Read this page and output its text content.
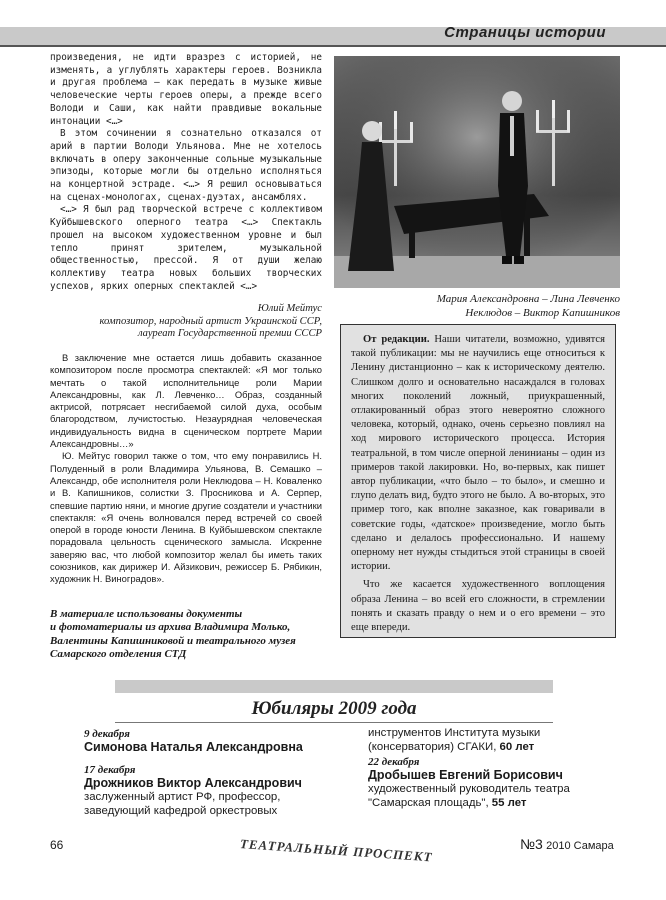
Страницы истории

произведения, не идти вразрез с историей, не изменять, а углублять характеры героев. Возникла и другая проблема – как передать в музыке живые человеческие черты героев оперы, а прежде всего Володи и Саши, как найти правдивые вокальные интонации <…>

В этом сочинении я сознательно отказался от арий в партии Володи Ульянова. Мне не хотелось включать в оперу законченные сольные музыкальные эпизоды, которые могли бы отдельно исполняться на концертной эстраде. <…> Я решил основываться на сценах-монологах, сценах-дуэтах, ансамблях.

<…> Я был рад творческой встрече с коллективом Куйбышевского оперного театра <…> Спектакль прошел на высоком художественном уровне и был тепло принят зрителем, музыкальной общественностью, прессой. Я от души желаю коллективу театра новых больших творческих успехов, ярких оперных спектаклей <…>

Юлий Мейтус
композитор, народный артист Украинской ССР,
лауреат Государственной премии СССР

В заключение мне остается лишь добавить сказанное композитором после просмотра спектаклей: «Я мог только мечтать о такой исполнительнице роли Марии Александровны, как Л. Левченко… Образ, созданный актрисой, потрясает несгибаемой силой духа, особым благородством, лучистостью. Незаурядная человеческая индивидуальность видна в сценическом портрете Марии Александровны…»

Ю. Мейтус говорил также о том, что ему понравились Н. Полуденный в роли Владимира Ульянова, В. Семашко – Александр, обе исполнителя роли Неклюдова – Н. Коваленко и В. Капишников, солистки З. Просникова и А. Серпер, спевшие партию няни, и многие другие создатели и участники спектакля: «Я очень волновался перед встречей со своей оперой в городе юности Ленина. В Куйбышевском спектакле порадовала цельность сценического замысла. Искренне заверяю вас, что любой композитор желал бы иметь таких союзников, как дирижер И. Айзикович, режиссер Б. Рябикин, художник Н. Виноградов».

В материале использованы документы
и фотоматериалы из архива Владимира Молько, Валентины Капишниковой и театрального музея Самарского отделения СТД
Мария Александровна – Лина Левченко
Неклюдов – Виктор Капишников

От редакции. Наши читатели, возможно, удивятся такой публикации: мы не научились еще относиться к Ленину дистанционно – как к историческому деятелю. Слишком долго и основательно насаждался в головах многих поколений ложный, приукрашенный, отлакированный образ этого невероятно сложного человека, который, однако, очень серьезно повлиял на ход мирового исторического процесса. История театральной, в том числе оперной ленинианы – один из примеров такой лакировки. Но, во-первых, как пишет автор публикации, «что было – то было», и смешно и глупо делать вид, будто этого не было. А во-вторых, это пример того, как вполне заказное, как говаривали в советские годы, «датское» произведение, могло быть сделано и делалось профессионально. И нашему оперному нет нужды стыдиться этой страницы в своей истории.

Что же касается художественного воплощения образа Ленина – во всей его сложности, в стремлении понять и сказать правду о нем и о его времени – это еще впереди.

Юбиляры 2009 года
9 декабря
Симонова Наталья Александровна
17 декабря
Дрожников Виктор Александрович
заслуженный артист РФ, профессор,
заведующий кафедрой оркестровых
инструментов Института музыки
(консерватория) СГАКИ, 60 лет
22 декабря
Дробышев Евгений Борисович
художественный руководитель театра
"Самарская площадь", 55 лет
66	ТЕАТРАЛЬНЫЙ ПРОСПЕКТ	№3 2010 Самара
